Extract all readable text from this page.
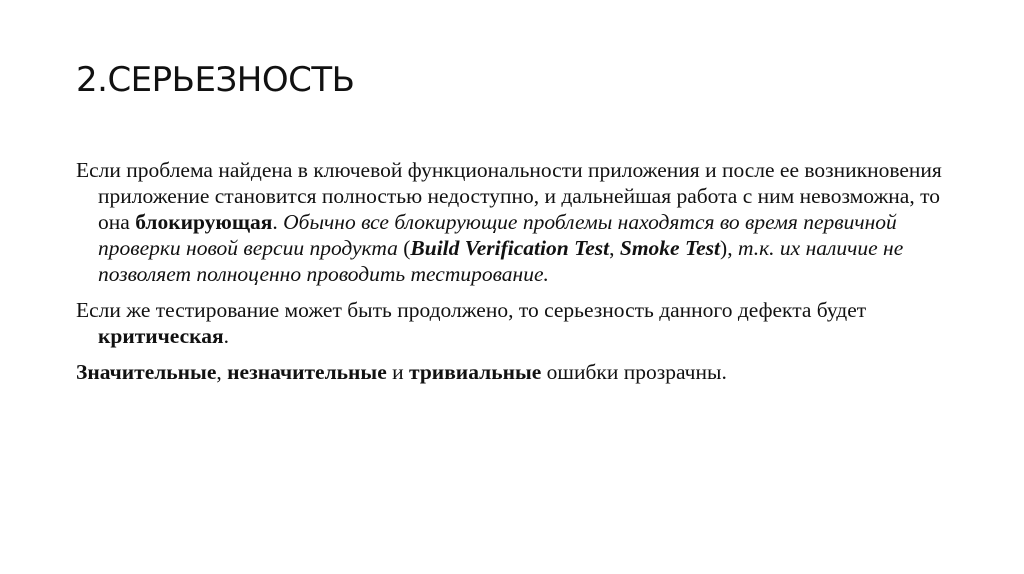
2.СЕРЬЕЗНОСТЬ

Если проблема найдена в ключевой функциональности приложения и после ее возникновения приложение становится полностью недоступно, и дальнейшая работа с ним невозможна, то она блокирующая. Обычно все блокирующие проблемы находятся во время первичной проверки новой версии продукта (Build Verification Test, Smoke Test), т.к. их наличие не позволяет полноценно проводить тестирование.

Если же тестирование может быть продолжено, то серьезность данного дефекта будет критическая.

Значительные, незначительные и тривиальные ошибки прозрачны.
